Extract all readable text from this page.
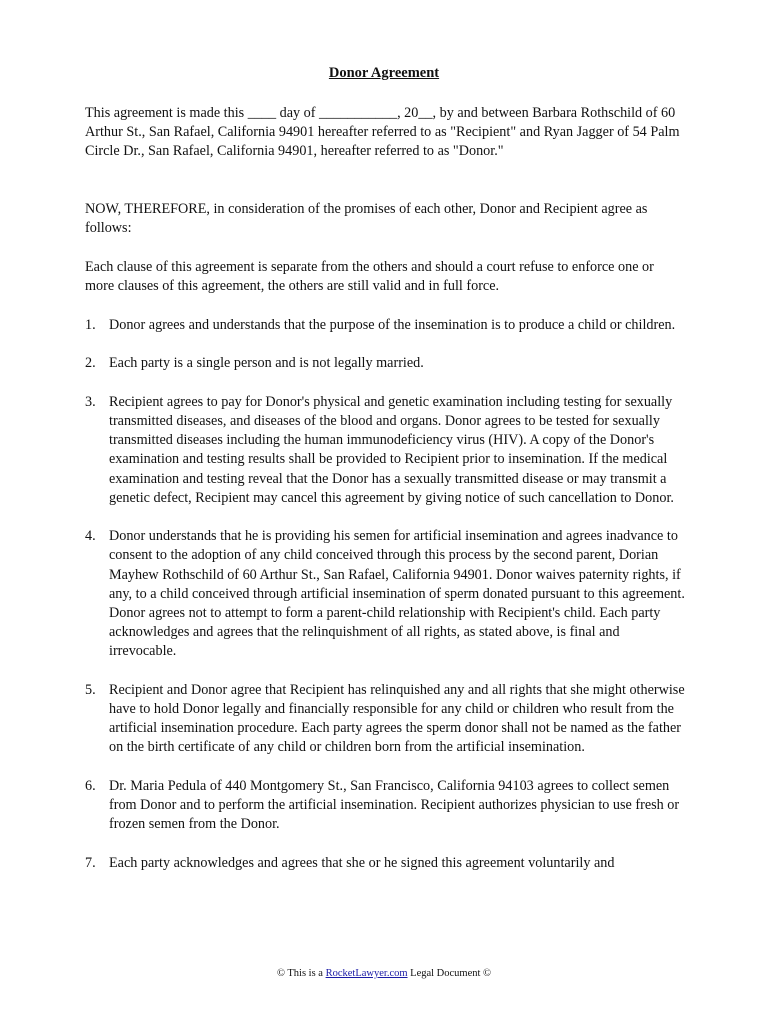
Donor Agreement

This agreement is made this ____ day of ___________, 20__, by and between Barbara Rothschild of 60 Arthur St., San Rafael, California 94901 hereafter referred to as "Recipient" and Ryan Jagger of 54 Palm Circle Dr., San Rafael, California 94901, hereafter referred to as "Donor."

NOW, THEREFORE, in consideration of the promises of each other, Donor and Recipient agree as follows:

Each clause of this agreement is separate from the others and should a court refuse to enforce one or more clauses of this agreement, the others are still valid and in full force.

1. Donor agrees and understands that the purpose of the insemination is to produce a child or children.
2. Each party is a single person and is not legally married.
3. Recipient agrees to pay for Donor's physical and genetic examination including testing for sexually transmitted diseases, and diseases of the blood and organs. Donor agrees to be tested for sexually transmitted diseases including the human immunodeficiency virus (HIV). A copy of the Donor's examination and testing results shall be provided to Recipient prior to insemination. If the medical examination and testing reveal that the Donor has a sexually transmitted disease or may transmit a genetic defect, Recipient may cancel this agreement by giving notice of such cancellation to Donor.
4. Donor understands that he is providing his semen for artificial insemination and agrees inadvance to consent to the adoption of any child conceived through this process by the second parent, Dorian Mayhew Rothschild of 60 Arthur St., San Rafael, California 94901. Donor waives paternity rights, if any, to a child conceived through artificial insemination of sperm donated pursuant to this agreement. Donor agrees not to attempt to form a parent-child relationship with Recipient's child. Each party acknowledges and agrees that the relinquishment of all rights, as stated above, is final and irrevocable.
5. Recipient and Donor agree that Recipient has relinquished any and all rights that she might otherwise have to hold Donor legally and financially responsible for any child or children who result from the artificial insemination procedure. Each party agrees the sperm donor shall not be named as the father on the birth certificate of any child or children born from the artificial insemination.
6. Dr. Maria Pedula of 440 Montgomery St., San Francisco, California 94103 agrees to collect semen from Donor and to perform the artificial insemination. Recipient authorizes physician to use fresh or frozen semen from the Donor.
7. Each party acknowledges and agrees that she or he signed this agreement voluntarily and
© This is a RocketLawyer.com Legal Document ©
